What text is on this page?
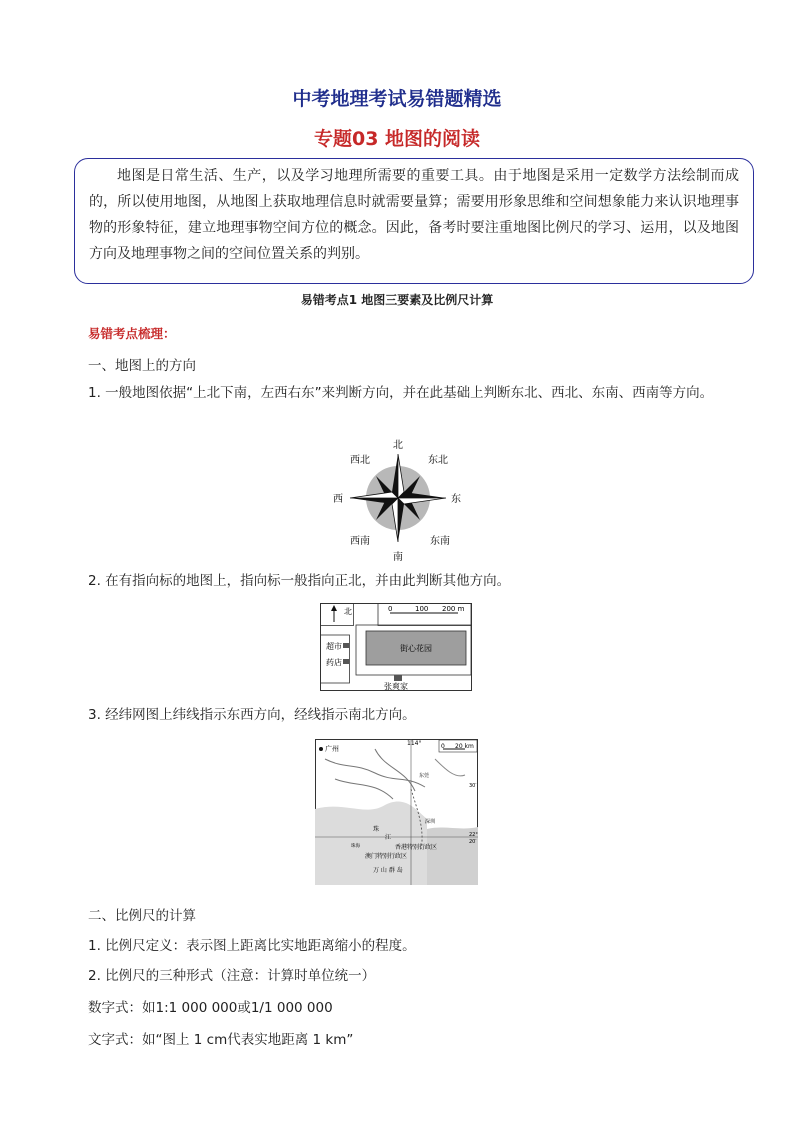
中考地理考试易错题精选
专题03 地图的阅读

地图是日常生活、生产，以及学习地理所需要的重要工具。由于地图是采用一定数学方法绘制而成的，所以使用地图，从地图上获取地理信息时就需要量算；需要用形象思维和空间想象能力来认识地理事物的形象特征，建立地理事物空间方位的概念。因此，备考时要注重地图比例尺的学习、运用，以及地图方向及地理事物之间的空间位置关系的判别。

易错考点1 地图三要素及比例尺计算
易错考点梳理：
一、地图上的方向
1. 一般地图依据“上北下南，左西右东”来判断方向，并在此基础上判断东北、西北、东南、西南等方向。
北
南
东
西
东北
西北
东南
西南
2. 在有指向标的地图上，指向标一般指向正北，并由此判断其他方向。
北	0	100 200 m
街心花园
超市
药店
张爽家
3. 经纬网图上纬线指示东西方向，经线指示南北方向。
0 20 km
114°
广州
东莞
深圳
珠
江	22°
20′
30′
香港特别行政区
澳门特别行政区
珠海
万 山 群 岛
二、比例尺的计算
1. 比例尺定义：表示图上距离比实地距离缩小的程度。
2. 比例尺的三种形式（注意：计算时单位统一）
数字式：如1:1 000 000或1/1 000 000
文字式：如“图上 1 cm代表实地距离 1 km”
